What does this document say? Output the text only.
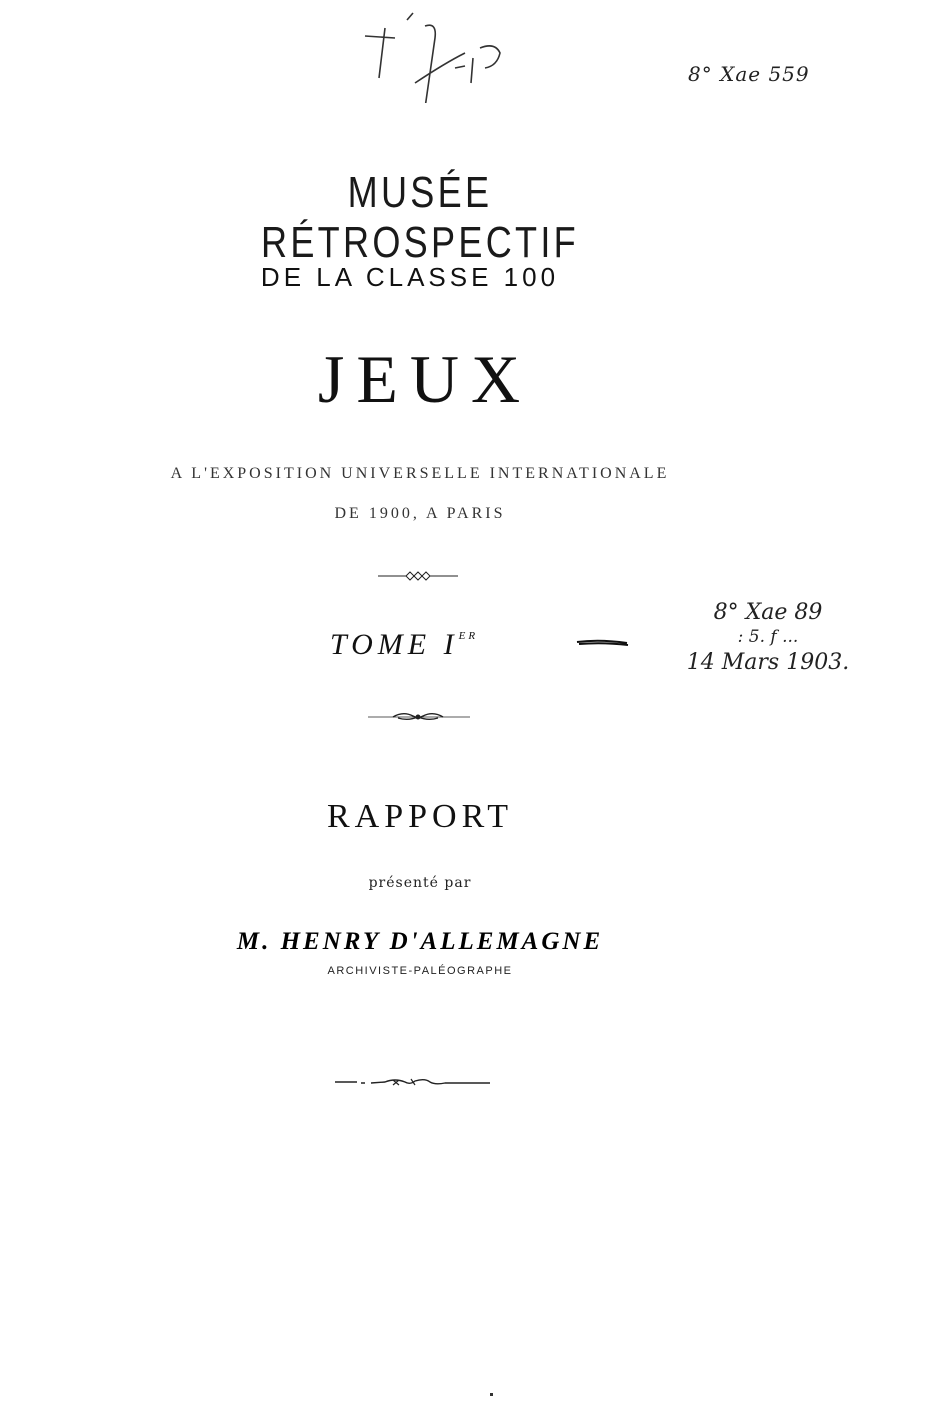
8° Xae 559
MUSÉE RÉTROSPECTIF
DE LA CLASSE 100
JEUX
A L'EXPOSITION UNIVERSELLE INTERNATIONALE
DE 1900, A PARIS
TOME IER
8° Xae 89
: 5. f ...
14 Mars 1903.
RAPPORT
présenté par
M. HENRY D'ALLEMAGNE
ARCHIVISTE-PALÉOGRAPHE
